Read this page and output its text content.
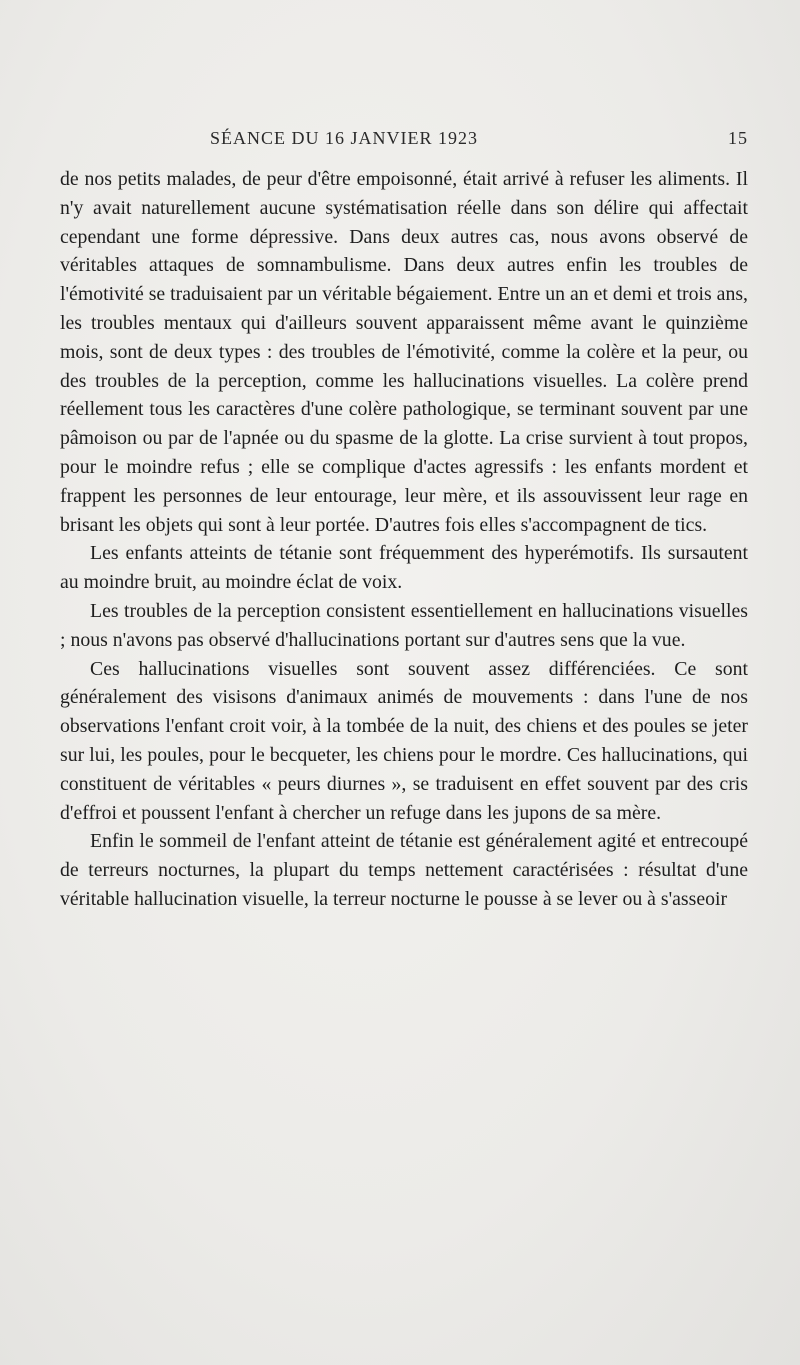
SÉANCE DU 16 JANVIER 1923	15

de nos petits malades, de peur d'être empoisonné, était arrivé à refuser les aliments. Il n'y avait naturellement aucune systématisation réelle dans son délire qui affectait cependant une forme dépressive. Dans deux autres cas, nous avons observé de véritables attaques de somnambulisme. Dans deux autres enfin les troubles de l'émotivité se traduisaient par un véritable bégaiement. Entre un an et demi et trois ans, les troubles mentaux qui d'ailleurs souvent apparaissent même avant le quinzième mois, sont de deux types : des troubles de l'émotivité, comme la colère et la peur, ou des troubles de la perception, comme les hallucinations visuelles. La colère prend réellement tous les caractères d'une colère pathologique, se terminant souvent par une pâmoison ou par de l'apnée ou du spasme de la glotte. La crise survient à tout propos, pour le moindre refus ; elle se complique d'actes agressifs : les enfants mordent et frappent les personnes de leur entourage, leur mère, et ils assouvissent leur rage en brisant les objets qui sont à leur portée. D'autres fois elles s'accompagnent de tics.

Les enfants atteints de tétanie sont fréquemment des hyperémotifs. Ils sursautent au moindre bruit, au moindre éclat de voix.

Les troubles de la perception consistent essentiellement en hallucinations visuelles ; nous n'avons pas observé d'hallucinations portant sur d'autres sens que la vue.

Ces hallucinations visuelles sont souvent assez différenciées. Ce sont généralement des visisons d'animaux animés de mouvements : dans l'une de nos observations l'enfant croit voir, à la tombée de la nuit, des chiens et des poules se jeter sur lui, les poules, pour le becqueter, les chiens pour le mordre. Ces hallucinations, qui constituent de véritables « peurs diurnes », se traduisent en effet souvent par des cris d'effroi et poussent l'enfant à chercher un refuge dans les jupons de sa mère.

Enfin le sommeil de l'enfant atteint de tétanie est généralement agité et entrecoupé de terreurs nocturnes, la plupart du temps nettement caractérisées : résultat d'une véritable hallucination visuelle, la terreur nocturne le pousse à se lever ou à s'asseoir
